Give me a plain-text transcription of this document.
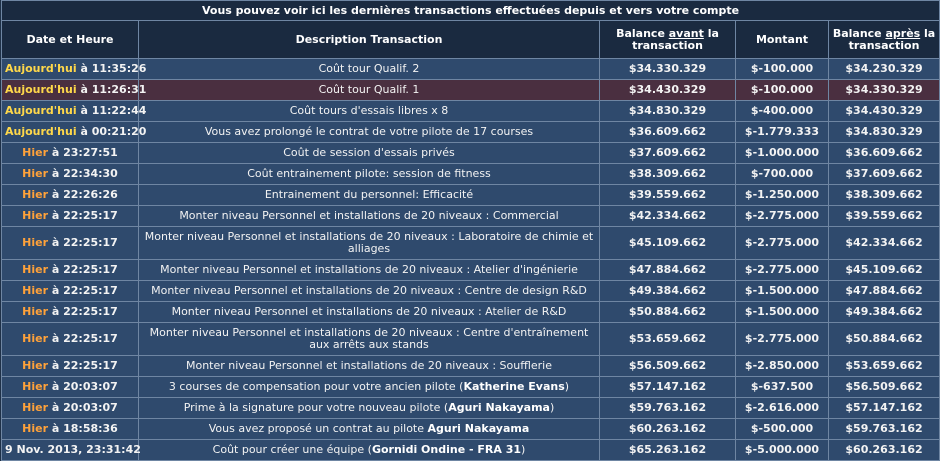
Vous pouvez voir ici les dernières transactions effectuées depuis et vers votre compte				
Date et Heure	Description Transaction	Balance avant la transaction	Montant	Balance après la transaction
Aujourd'hui à 11:35:26	Coût tour Qualif. 2	$34.330.329	$-100.000	$34.230.329
Aujourd'hui à 11:26:31	Coût tour Qualif. 1	$34.430.329	$-100.000	$34.330.329
Aujourd'hui à 11:22:44	Coût tours d'essais libres x 8	$34.830.329	$-400.000	$34.430.329
Aujourd'hui à 00:21:20	Vous avez prolongé le contrat de votre pilote de 17 courses	$36.609.662	$-1.779.333	$34.830.329
Hier à 23:27:51	Coût de session d'essais privés	$37.609.662	$-1.000.000	$36.609.662
Hier à 22:34:30	Coût entrainement pilote: session de fitness	$38.309.662	$-700.000	$37.609.662
Hier à 22:26:26	Entrainement du personnel: Efficacité	$39.559.662	$-1.250.000	$38.309.662
Hier à 22:25:17	Monter niveau Personnel et installations de 20 niveaux : Commercial	$42.334.662	$-2.775.000	$39.559.662
Hier à 22:25:17	Monter niveau Personnel et installations de 20 niveaux : Laboratoire de chimie et alliages	$45.109.662	$-2.775.000	$42.334.662
Hier à 22:25:17	Monter niveau Personnel et installations de 20 niveaux : Atelier d'ingénierie	$47.884.662	$-2.775.000	$45.109.662
Hier à 22:25:17	Monter niveau Personnel et installations de 20 niveaux : Centre de design R&D	$49.384.662	$-1.500.000	$47.884.662
Hier à 22:25:17	Monter niveau Personnel et installations de 20 niveaux : Atelier de R&D	$50.884.662	$-1.500.000	$49.384.662
Hier à 22:25:17	Monter niveau Personnel et installations de 20 niveaux : Centre d'entraînement aux arrêts aux stands	$53.659.662	$-2.775.000	$50.884.662
Hier à 22:25:17	Monter niveau Personnel et installations de 20 niveaux : Soufflerie	$56.509.662	$-2.850.000	$53.659.662
Hier à 20:03:07	3 courses de compensation pour votre ancien pilote (Katherine Evans)	$57.147.162	$-637.500	$56.509.662
Hier à 20:03:07	Prime à la signature pour votre nouveau pilote (Aguri Nakayama)	$59.763.162	$-2.616.000	$57.147.162
Hier à 18:58:36	Vous avez proposé un contrat au pilote Aguri Nakayama	$60.263.162	$-500.000	$59.763.162
9 Nov. 2013, 23:31:42	Coût pour créer une équipe (Gornidi Ondine - FRA 31)	$65.263.162	$-5.000.000	$60.263.162
